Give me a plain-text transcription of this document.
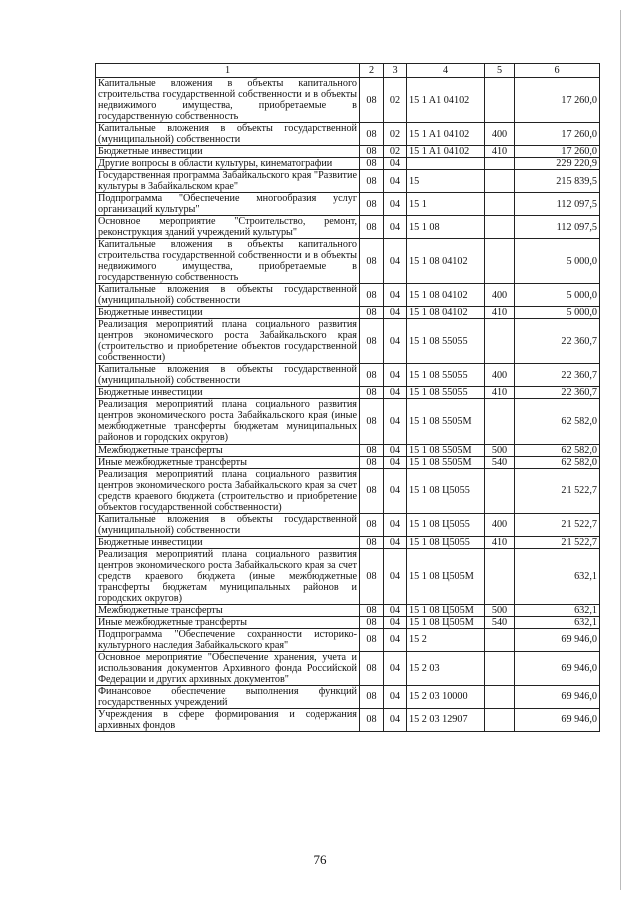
1	2	3	4	5	6
Капитальные вложения в объекты капитального строительства государственной собственности и в объекты недвижимого имущества, приобретаемые в государственную собственность	08	02	15 1 A1 04102		17 260,0
Капитальные вложения в объекты государственной (муниципальной) собственности	08	02	15 1 A1 04102	400	17 260,0
Бюджетные инвестиции	08	02	15 1 A1 04102	410	17 260,0
Другие вопросы в области культуры, кинематографии	08	04			229 220,9
Государственная программа Забайкальского края "Развитие культуры в Забайкальском крае"	08	04	15		215 839,5
Подпрограмма "Обеспечение многообразия услуг организаций культуры"	08	04	15 1		112 097,5
Основное мероприятие "Строительство, ремонт, реконструкция зданий учреждений культуры"	08	04	15 1 08		112 097,5
Капитальные вложения в объекты капитального строительства государственной собственности и в объекты недвижимого имущества, приобретаемые в государственную собственность	08	04	15 1 08 04102		5 000,0
Капитальные вложения в объекты государственной (муниципальной) собственности	08	04	15 1 08 04102	400	5 000,0
Бюджетные инвестиции	08	04	15 1 08 04102	410	5 000,0
Реализация мероприятий плана социального развития центров экономического роста Забайкальского края (строительство и приобретение объектов государственной собственности)	08	04	15 1 08 55055		22 360,7
Капитальные вложения в объекты государственной (муниципальной) собственности	08	04	15 1 08 55055	400	22 360,7
Бюджетные инвестиции	08	04	15 1 08 55055	410	22 360,7
Реализация мероприятий плана социального развития центров экономического роста Забайкальского края (иные межбюджетные трансферты бюджетам муниципальных районов и городских округов)	08	04	15 1 08 5505М		62 582,0
Межбюджетные трансферты	08	04	15 1 08 5505М	500	62 582,0
Иные межбюджетные трансферты	08	04	15 1 08 5505М	540	62 582,0
Реализация мероприятий плана социального развития центров экономического роста Забайкальского края за счет средств краевого бюджета (строительство и приобретение объектов государственной собственности)	08	04	15 1 08 Ц5055		21 522,7
Капитальные вложения в объекты государственной (муниципальной) собственности	08	04	15 1 08 Ц5055	400	21 522,7
Бюджетные инвестиции	08	04	15 1 08 Ц5055	410	21 522,7
Реализация мероприятий плана социального развития центров экономического роста Забайкальского края за счет средств краевого бюджета (иные межбюджетные трансферты бюджетам муниципальных районов и городских округов)	08	04	15 1 08 Ц505М		632,1
Межбюджетные трансферты	08	04	15 1 08 Ц505М	500	632,1
Иные межбюджетные трансферты	08	04	15 1 08 Ц505М	540	632,1
Подпрограмма "Обеспечение сохранности историко-культурного наследия Забайкальского края"	08	04	15 2		69 946,0
Основное мероприятие "Обеспечение хранения, учета и использования документов Архивного фонда Российской Федерации и других архивных документов"	08	04	15 2 03		69 946,0
Финансовое обеспечение выполнения функций государственных учреждений	08	04	15 2 03 10000		69 946,0
Учреждения в сфере формирования и содержания архивных фондов	08	04	15 2 03 12907		69 946,0
76
